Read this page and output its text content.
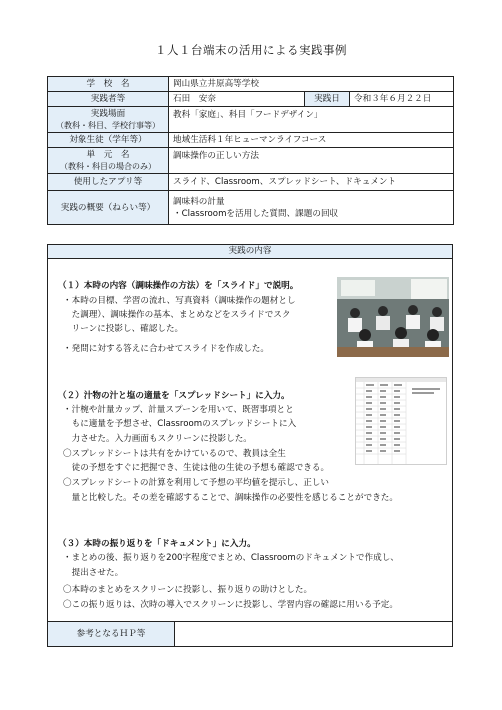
１人１台端末の活用による実践事例
学　校　名	岡山県立井原高等学校		
実践者等	石田　安奈	実践日	令和３年６月２２日

実践場面
（教科・科目、学校行事等）	教科「家庭」、科目「フードデザイン」		
対象生徒（学年等）	地域生活科１年ヒューマンライフコース		

単　元　名
（教科・科目の場合のみ）	調味操作の正しい方法		
使用したアプリ等	スライド、Classroom、スプレッドシート、ドキュメント		
実践の概要（ねらい等）	調味料の計量
・Classroomを活用した質問、課題の回収		
実践の内容
（１）本時の内容（調味操作の方法）を「スライド」で説明。
・本時の目標、学習の流れ、写真資料（調味操作の題材とし
　た調理）、調味操作の基本、まとめなどをスライドでスク
　リーンに投影し、確認した。
・発問に対する答えに合わせてスライドを作成した。
（２）汁物の汁と塩の適量を「スプレッドシート」に入力。
・汁椀や計量カップ、計量スプーンを用いて、既習事項とと
　もに適量を予想させ、Classroomのスプレッドシートに入
　力させた。入力画面もスクリーンに投影した。
〇スプレッドシートは共有をかけているので、教員は全生
　徒の予想をすぐに把握でき、生徒は他の生徒の予想も確認できる。
〇スプレッドシートの計算を利用して予想の平均値を提示し、正しい
　量と比較した。その差を確認することで、調味操作の必要性を感じることができた。
（３）本時の振り返りを「ドキュメント」に入力。
・まとめの後、振り返りを200字程度でまとめ、Classroomのドキュメントで作成し、
　提出させた。
〇本時のまとめをスクリーンに投影し、振り返りの助けとした。
〇この振り返りは、次時の導入でスクリーンに投影し、学習内容の確認に用いる予定。
参考となるＨＰ等
